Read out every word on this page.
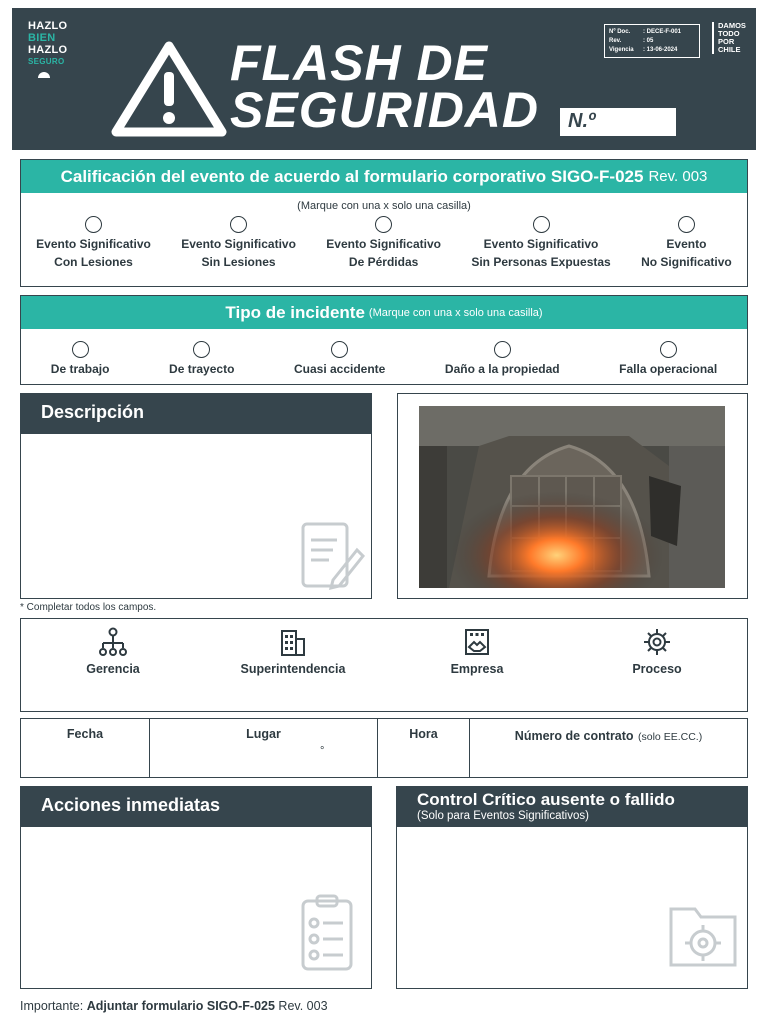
HAZLO
BIEN
HAZLO
SEGURO	FLASH DE
SEGURIDAD	N.º
Nº Doc.	: DECE-F-001
Rev.	: 05
Vigencia	: 13-06-2024
DAMOS
TODO
POR
CHILE
Calificación del evento de acuerdo al formulario corporativo SIGO-F-025 Rev. 003
(Marque con una x solo una casilla)
Evento Significativo
Con Lesiones
Evento Significativo
Sin Lesiones
Evento Significativo
De Pérdidas
Evento Significativo
Sin Personas Expuestas
Evento
No Significativo
Tipo de incidente (Marque con una x solo una casilla)
De trabajo	De trayecto	Cuasi accidente	Daño a la propiedad	Falla operacional
Descripción
* Completar todos los campos.
Gerencia	Superintendencia	Empresa	Proceso
Fecha	Lugar
°
Hora	Número de contrato (solo EE.CC.)
Acciones inmediatas	Control Crítico ausente o fallido
(Solo para Eventos Significativos)
Importante: Adjuntar formulario SIGO-F-025 Rev. 003
